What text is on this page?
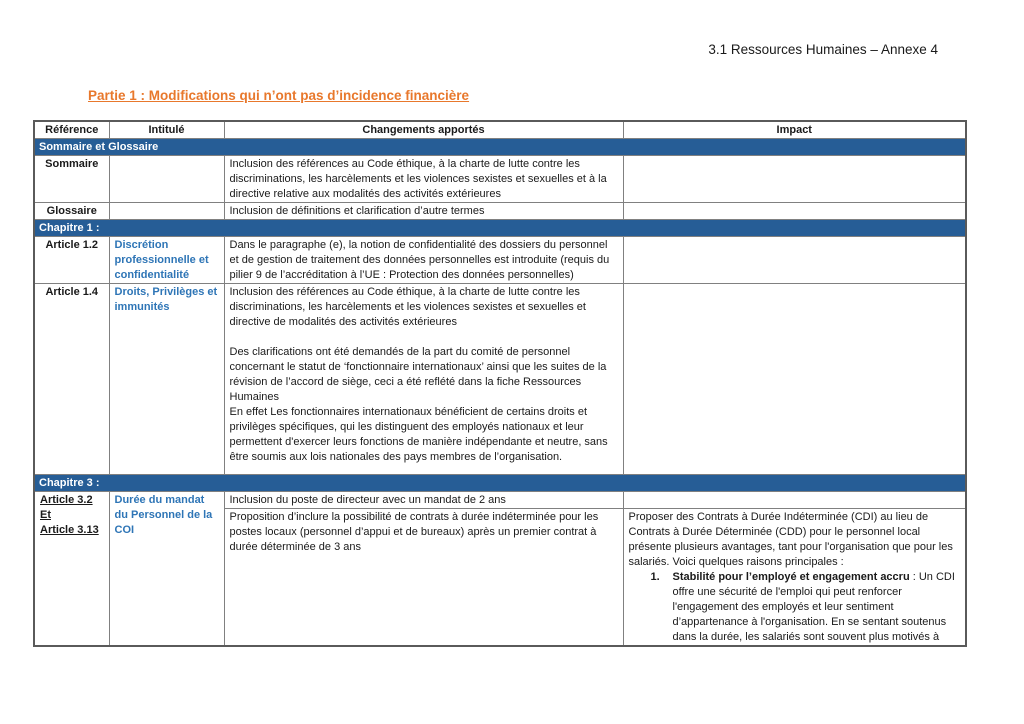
3.1 Ressources Humaines – Annexe 4
Partie 1 : Modifications qui n’ont pas d’incidence financière
Référence	Intitulé	Changements apportés	Impact
Sommaire et Glossaire			
Sommaire		Inclusion des références au Code éthique, à la charte de lutte contre les discriminations, les harcèlements et les violences sexistes et sexuelles et à la directive relative aux modalités des activités extérieures	
Glossaire		Inclusion de définitions et clarification d’autre termes	
Chapitre 1 :			
Article 1.2	Discrétion professionnelle et confidentialité	Dans le paragraphe (e), la notion de confidentialité des dossiers du personnel et de gestion de traitement des données personnelles est introduite (requis du pilier 9 de l’accréditation à l’UE : Protection des données personnelles)	
Article 1.4	Droits, Privilèges et immunités	Inclusion des références au Code éthique, à la charte de lutte contre les discriminations, les harcèlements et les violences sexistes et sexuelles et directive de modalités des activités extérieures

Des clarifications ont été demandés de la part du comité de personnel concernant le statut de ‘fonctionnaire internationaux’ ainsi que les suites de la révision de l’accord de siège, ceci a été reflété dans la fiche Ressources Humaines

En effet Les fonctionnaires internationaux bénéficient de certains droits et privilèges spécifiques, qui les distinguent des employés nationaux et leur permettent d'exercer leurs fonctions de manière indépendante et neutre, sans être soumis aux lois nationales des pays membres de l’organisation.	

Chapitre 3 :			

Article 3.2
Et
Article 3.13	Durée du mandat du Personnel de la COI	Inclusion du poste de directeur avec un mandat de 2 ans	
		Proposition d’inclure la possibilité de contrats à durée indéterminée pour les postes locaux (personnel d’appui et de bureaux) après un premier contrat à durée déterminée de 3 ans	Proposer des Contrats à Durée Indéterminée (CDI) au lieu de Contrats à Durée Déterminée (CDD) pour le personnel local présente plusieurs avantages, tant pour l'organisation que pour les salariés. Voici quelques raisons principales :

1. Stabilité pour l’employé et engagement accru : Un CDI offre une sécurité de l'emploi qui peut renforcer l'engagement des employés et leur sentiment d’appartenance à l'organisation. En se sentant soutenus dans la durée, les salariés sont souvent plus motivés à
